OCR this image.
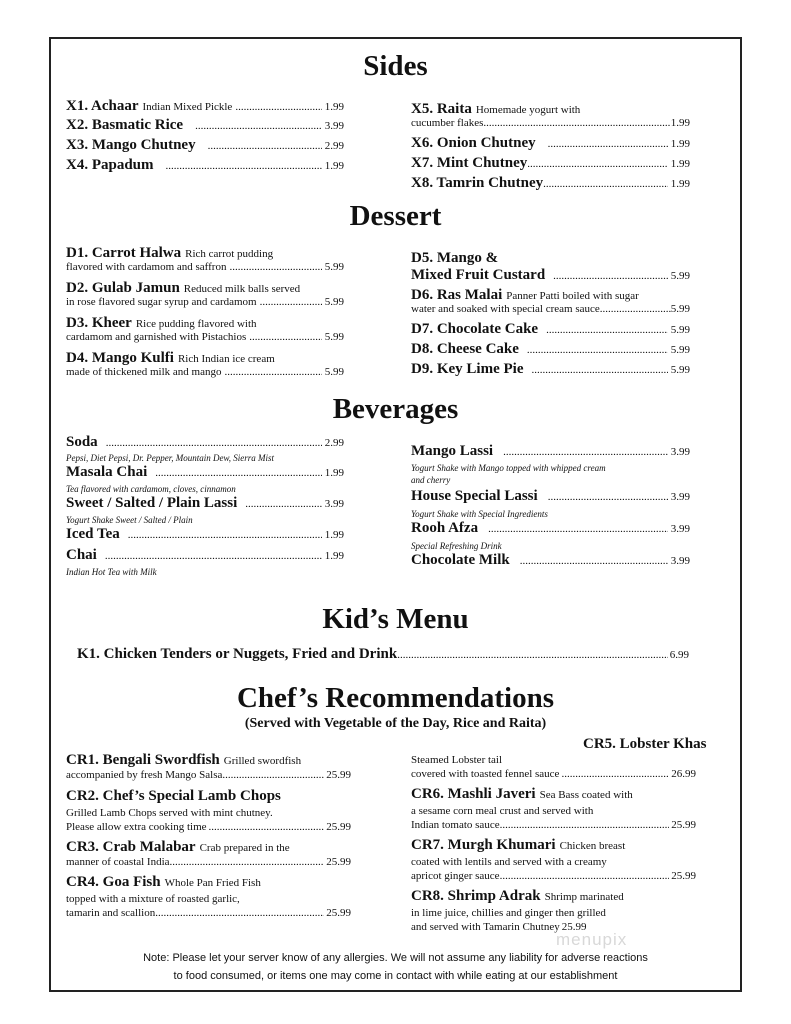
Sides
X1. Achaar
Indian Mixed Pickle .....	1.99
X2. Basmatic Rice .....	3.99
X3. Mango Chutney .....	2.99
X4. Papadum .....	1.99
X5. Raita Homemade yogurt with
cucumber flakes .....	1.99
X6. Onion Chutney .....	1.99
X7. Mint Chutney .....	1.99
X8. Tamrin Chutney .....	1.99
Dessert
D1. Carrot Halwa Rich carrot pudding
flavored with cardamom and saffron .....	5.99
D2. Gulab Jamun Reduced milk balls served
in rose flavored sugar syrup and cardamom .....	5.99
D3. Kheer Rice pudding flavored with
cardamom and garnished with Pistachios .....	5.99
D4. Mango Kulfi Rich Indian ice cream
made of thickened milk and mango .....	5.99
D5. Mango &
Mixed Fruit Custard .....	5.99
D6. Ras Malai Panner Patti boiled with sugar
water and soaked with special cream sauce .....	5.99
D7. Chocolate Cake .....	5.99
D8. Cheese Cake .....	5.99
D9. Key Lime Pie .....	5.99
Beverages
Soda .....	2.99
Pepsi, Diet Pepsi, Dr. Pepper, Mountain Dew, Sierra Mist
Masala Chai .....	1.99
Tea flavored with cardamom, cloves, cinnamon
Sweet / Salted / Plain Lassi .....	3.99
Yogurt Shake Sweet / Salted / Plain
Iced Tea .....	1.99
Chai .....	1.99
Indian Hot Tea with Milk
Mango Lassi .....	3.99
Yogurt Shake with Mango topped with whipped cream
and cherry
House Special Lassi .....	3.99
Yogurt Shake with Special Ingredients
Rooh Afza .....	3.99
Special Refreshing Drink
Chocolate Milk .....	3.99
Kid’s Menu
K1. Chicken Tenders or Nuggets, Fried and Drink .....	6.99
Chef’s Recommendations
(Served with Vegetable of the Day, Rice and Raita)
CR1. Bengali Swordfish Grilled swordfish
accompanied by fresh Mango Salsa .....	25.99
CR2. Chef’s Special Lamb Chops
Grilled Lamb Chops served with mint chutney.
Please allow extra cooking time .....	25.99
CR3. Crab Malabar Crab prepared in the
manner of coastal India .....	25.99
CR4. Goa Fish Whole Pan Fried Fish
topped with a mixture of roasted garlic,
tamarin and scallion .....	25.99
CR5. Lobster Khas
Steamed Lobster tail
covered with toasted fennel sauce .....	26.99
CR6. Mashli Javeri Sea Bass coated with
a sesame corn meal crust and served with
Indian tomato sauce .....	25.99
CR7. Murgh Khumari Chicken breast
coated with lentils and served with a creamy
apricot ginger sauce .....	25.99
CR8. Shrimp Adrak Shrimp marinated
in lime juice, chillies and ginger then grilled
and served with Tamarin Chutney 25.99
menupix
Note: Please let your server know of any allergies. We will not assume any liability for adverse reactions
to food consumed, or items one may come in contact with while eating at our establishment
